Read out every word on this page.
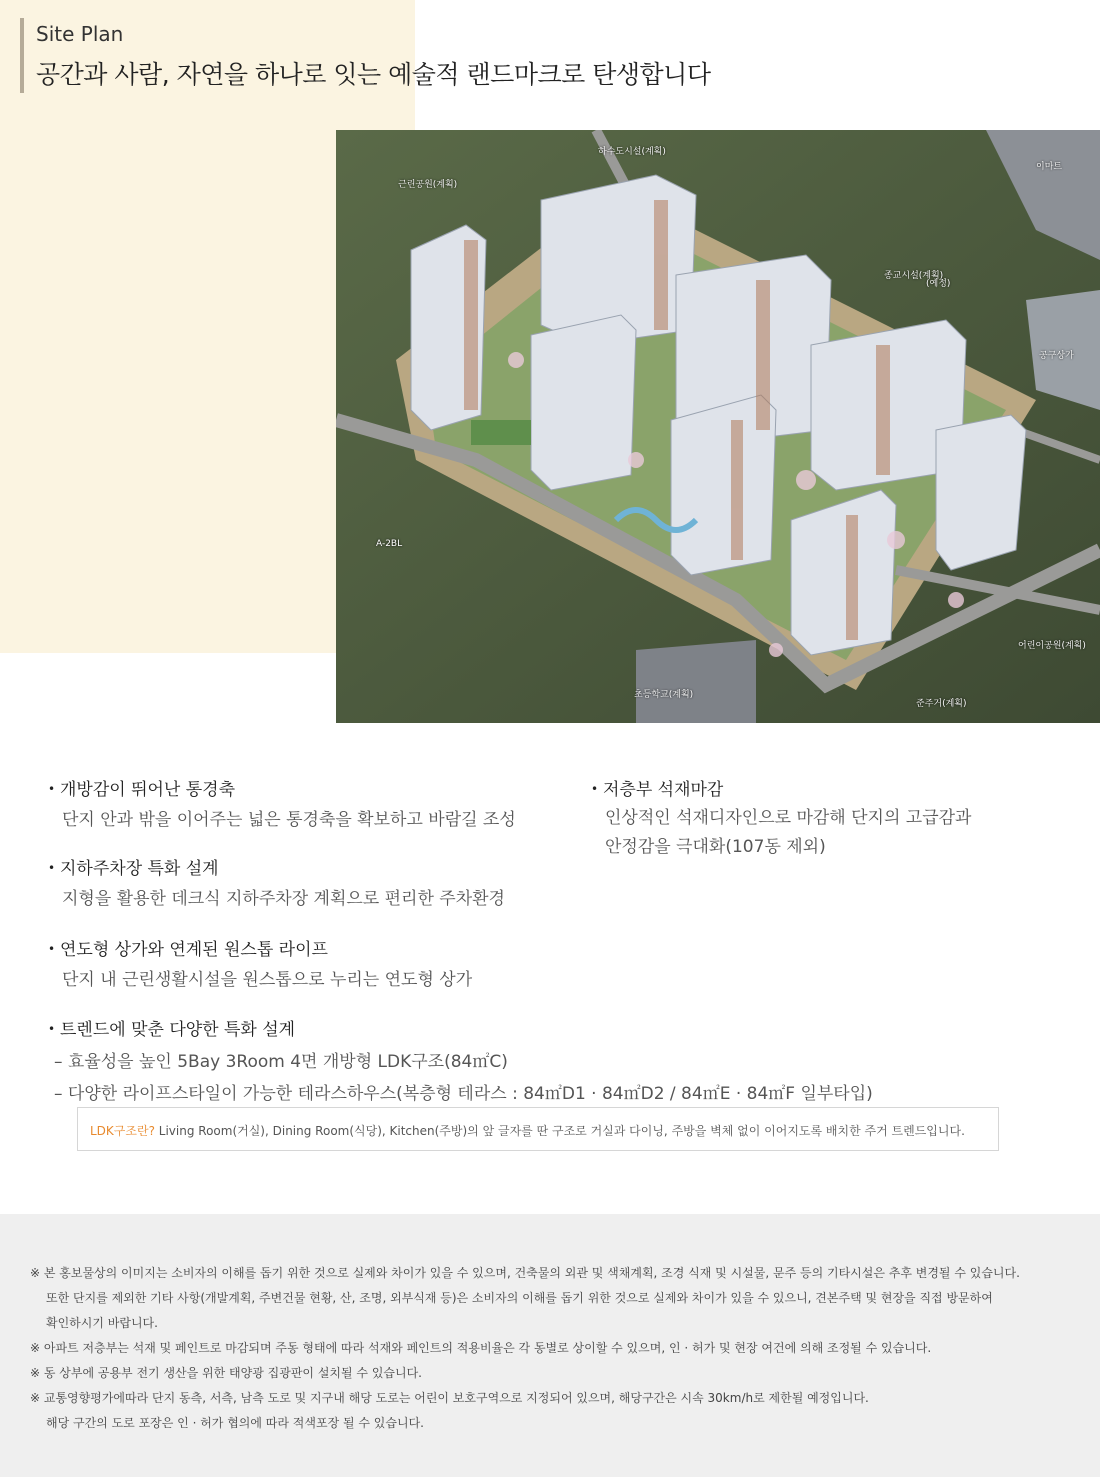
Site Plan
공간과 사람, 자연을 하나로 잇는 예술적 랜드마크로 탄생합니다
하수도시설(계획)
근린공원(계획)
이마트
종교시설(계획)
(예정)
공구상가
A-2BL
어린이공원(계획)
초등학교(계획)
준주거(계획)
• 개방감이 뛰어난 통경축
단지 안과 밖을 이어주는 넓은 통경축을 확보하고 바람길 조성
• 저층부 석재마감
인상적인 석재디자인으로 마감해 단지의 고급감과
안정감을 극대화(107동 제외)
• 지하주차장 특화 설계
지형을 활용한 데크식 지하주차장 계획으로 편리한 주차환경
• 연도형 상가와 연계된 원스톱 라이프
단지 내 근린생활시설을 원스톱으로 누리는 연도형 상가
• 트렌드에 맞춘 다양한 특화 설계
– 효율성을 높인 5Bay 3Room 4면 개방형 LDK구조(84㎡C)
– 다양한 라이프스타일이 가능한 테라스하우스(복층형 테라스 : 84㎡D1 · 84㎡D2 / 84㎡E · 84㎡F 일부타입)
LDK구조란? Living Room(거실), Dining Room(식당), Kitchen(주방)의 앞 글자를 딴 구조로 거실과 다이닝, 주방을 벽체 없이 이어지도록 배치한 주거 트렌드입니다.
※ 본 홍보물상의 이미지는 소비자의 이해를 돕기 위한 것으로 실제와 차이가 있을 수 있으며, 건축물의 외관 및 색채계획, 조경 식재 및 시설물, 문주 등의 기타시설은 추후 변경될 수 있습니다.
또한 단지를 제외한 기타 사항(개발계획, 주변건물 현황, 산, 조명, 외부식재 등)은 소비자의 이해를 돕기 위한 것으로 실제와 차이가 있을 수 있으니, 견본주택 및 현장을 직접 방문하여
확인하시기 바랍니다.
※ 아파트 저층부는 석재 및 페인트로 마감되며 주동 형태에 따라 석재와 페인트의 적용비율은 각 동별로 상이할 수 있으며, 인 · 허가 및 현장 여건에 의해 조정될 수 있습니다.
※ 동 상부에 공용부 전기 생산을 위한 태양광 집광판이 설치될 수 있습니다.
※ 교통영향평가에따라 단지 동측, 서측, 남측 도로 및 지구내 해당 도로는 어린이 보호구역으로 지정되어 있으며, 해당구간은 시속 30km/h로 제한될 예정입니다.
해당 구간의 도로 포장은 인 · 허가 협의에 따라 적색포장 될 수 있습니다.
